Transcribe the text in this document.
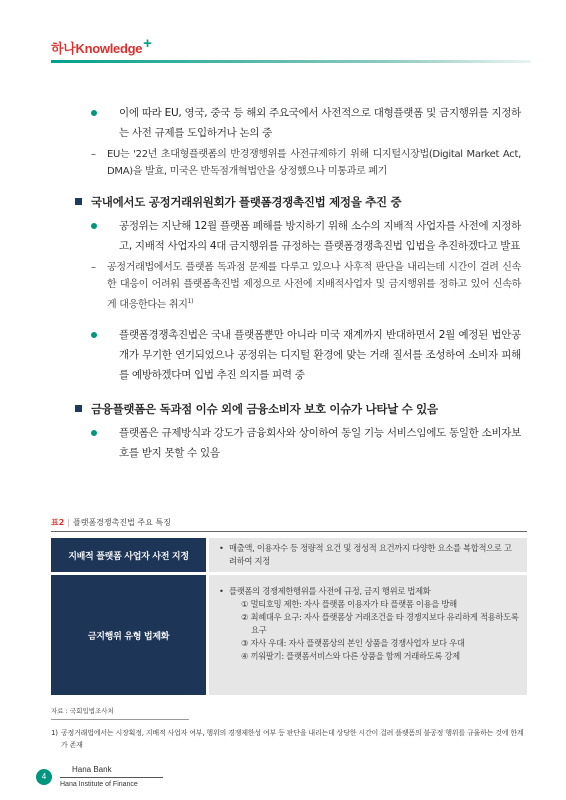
하나Knowledge+
이에 따라 EU, 영국, 중국 등 해외 주요국에서 사전적으로 대형플랫폼 및 금지행위를 지정하는 사전 규제를 도입하거나 논의 중
– EU는 '22년 초대형플랫폼의 반경쟁행위를 사전규제하기 위해 디지털시장법(Digital Market Act, DMA)을 발효, 미국은 반독점개혁법안을 상정했으나 미통과로 폐기
국내에서도 공정거래위원회가 플랫폼경쟁촉진법 제정을 추진 중
공정위는 지난해 12월 플랫폼 폐해를 방지하기 위해 소수의 지배적 사업자를 사전에 지정하고, 지배적 사업자의 4대 금지행위를 규정하는 플랫폼경쟁촉진법 입법을 추진하겠다고 발표
– 공정거래법에서도 플랫폼 독과점 문제를 다루고 있으나 사후적 판단을 내리는데 시간이 걸려 신속한 대응이 어려워 플랫폼촉진법 제정으로 사전에 지배적사업자 및 금지행위를 정하고 있어 신속하게 대응한다는 취지$^{1)}$
플랫폼경쟁촉진법은 국내 플랫폼뿐만 아니라 미국 재계까지 반대하면서 2월 예정된 법안공개가 무기한 연기되었으나 공정위는 디지털 환경에 맞는 거래 질서를 조성하여 소비자 피해를 예방하겠다며 입법 추진 의지를 피력 중
금융플랫폼은 독과점 이슈 외에 금융소비자 보호 이슈가 나타날 수 있음
플랫폼은 규제방식과 강도가 금융회사와 상이하여 동일 기능 서비스임에도 동일한 소비자보호를 받지 못할 수 있음
표2 | 플랫폼경쟁촉진법 주요 특징
지배적 플랫폼 사업자 사전 지정
• 매출액, 이용자수 등 정량적 요건 및 정성적 요건까지 다양한 요소를 복합적으로 고려하여 지정
금지행위 유형 법제화
• 플랫폼의 경쟁제한행위를 사전에 규정, 금지 행위로 법제화
① 멀티호밍 제한: 자사 플랫폼 이용자가 타 플랫폼 이용을 방해
② 최혜대우 요구: 자사 플랫폼상 거래조건을 타 경쟁지보다 유리하게 적용하도록 요구
③ 자사 우대: 자사 플랫폼상의 본인 상품을 경쟁사업자 보다 우대
④ 끼워팔기: 플랫폼서비스와 다른 상품을 함께 거래하도록 강제
자료 : 국회입법조사처
1) 공정거래법에서는 시장획정, 지배적 사업자 여부, 행위의 경쟁제한성 여부 등 판단을 내리는데 상당한 시간이 걸려 플랫폼의 불공정 행위를 규율하는 것에 한계가 존재
4
Hana Bank
Hana Institute of Finance
